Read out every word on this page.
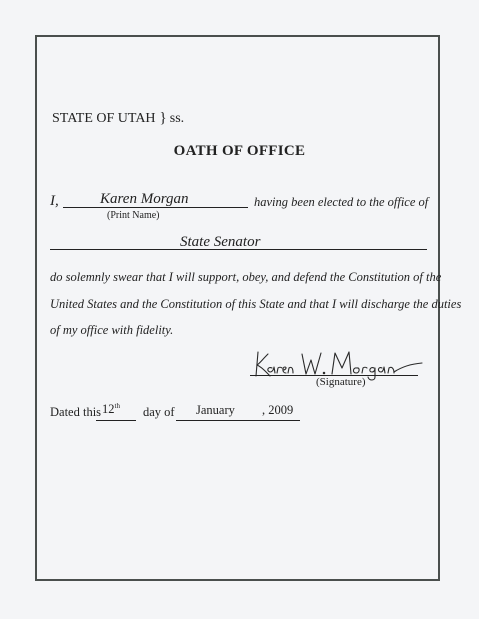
STATE OF UTAH } ss.
OATH OF OFFICE
I,	Karen Morgan
(Print Name)
having been elected to the office of
State Senator
do solemnly swear that I will support, obey, and defend the Constitution of the
United States and the Constitution of this State and that I will discharge the duties
of my office with fidelity.
(Signature)
Dated this 12th day of January , 2009
